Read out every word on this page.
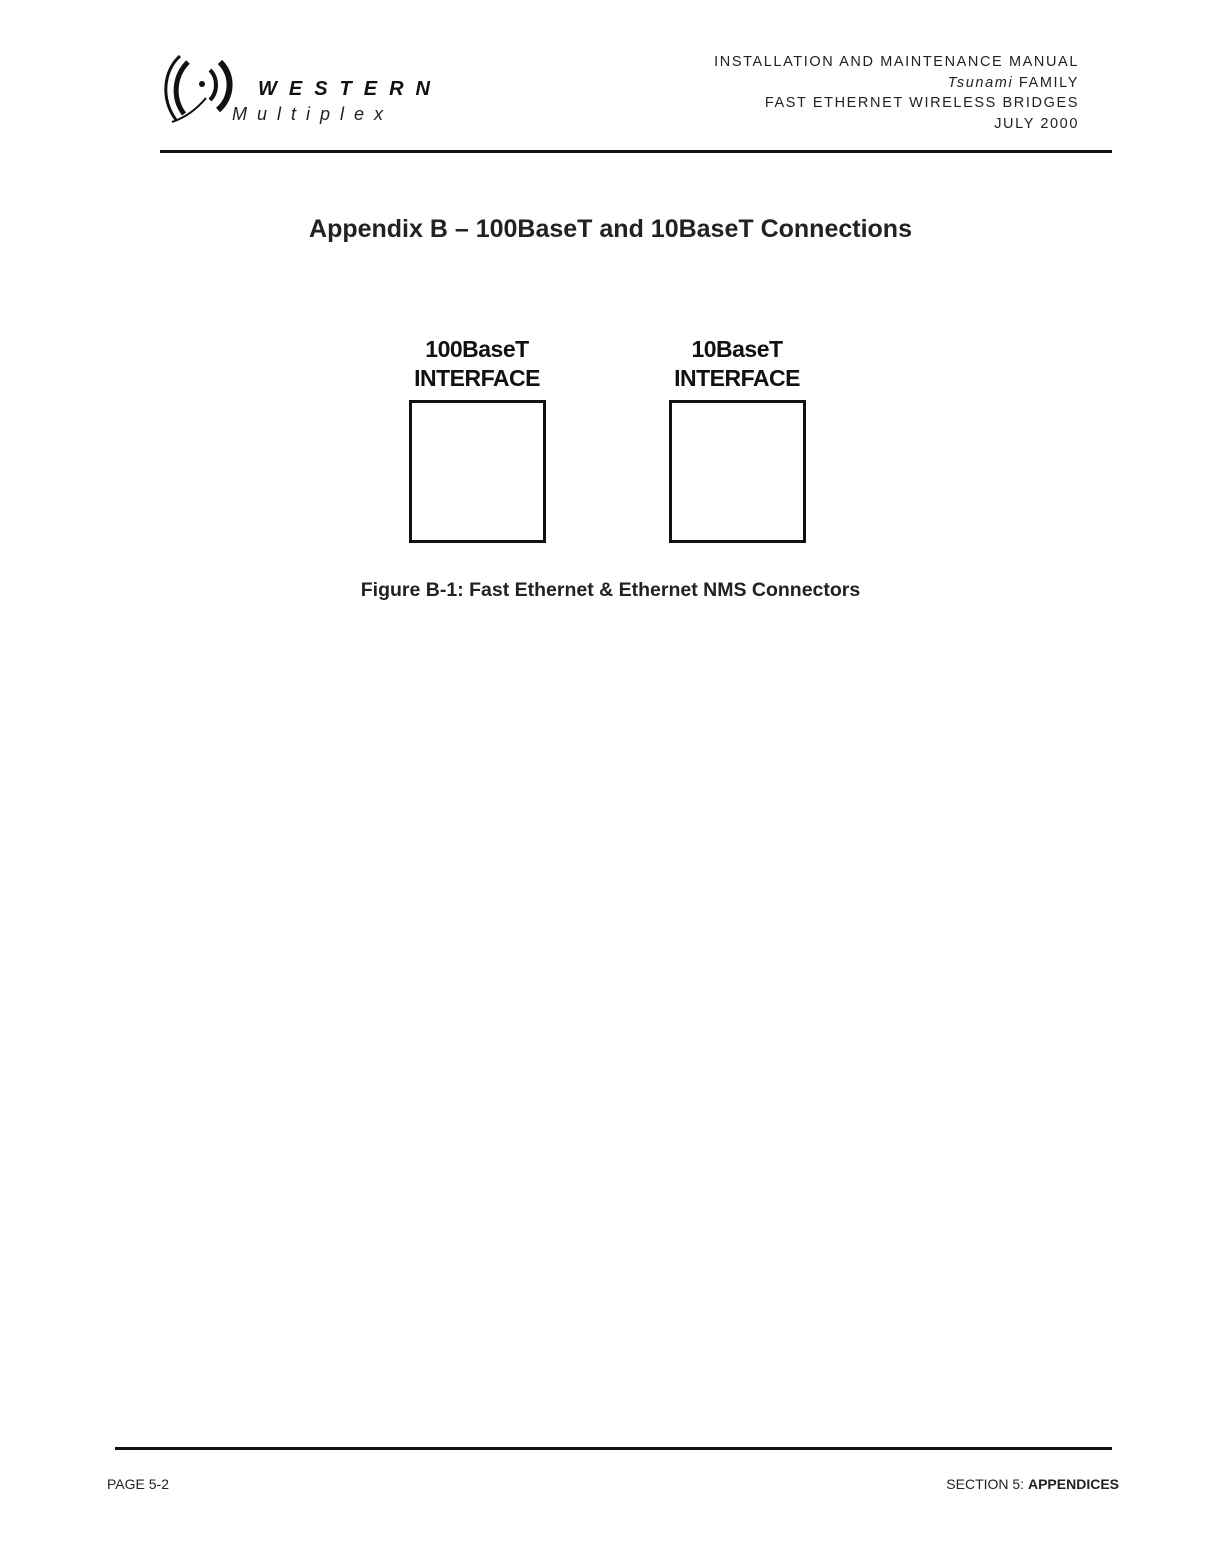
WESTERN
Multiplex
INSTALLATION AND MAINTENANCE MANUAL
Tsunami FAMILY
FAST ETHERNET WIRELESS BRIDGES
JULY 2000
Appendix B – 100BaseT and 10BaseT Connections
100BaseT
INTERFACE
10BaseT
INTERFACE
Figure B-1: Fast Ethernet & Ethernet NMS Connectors
PAGE 5-2	SECTION 5: APPENDICES
